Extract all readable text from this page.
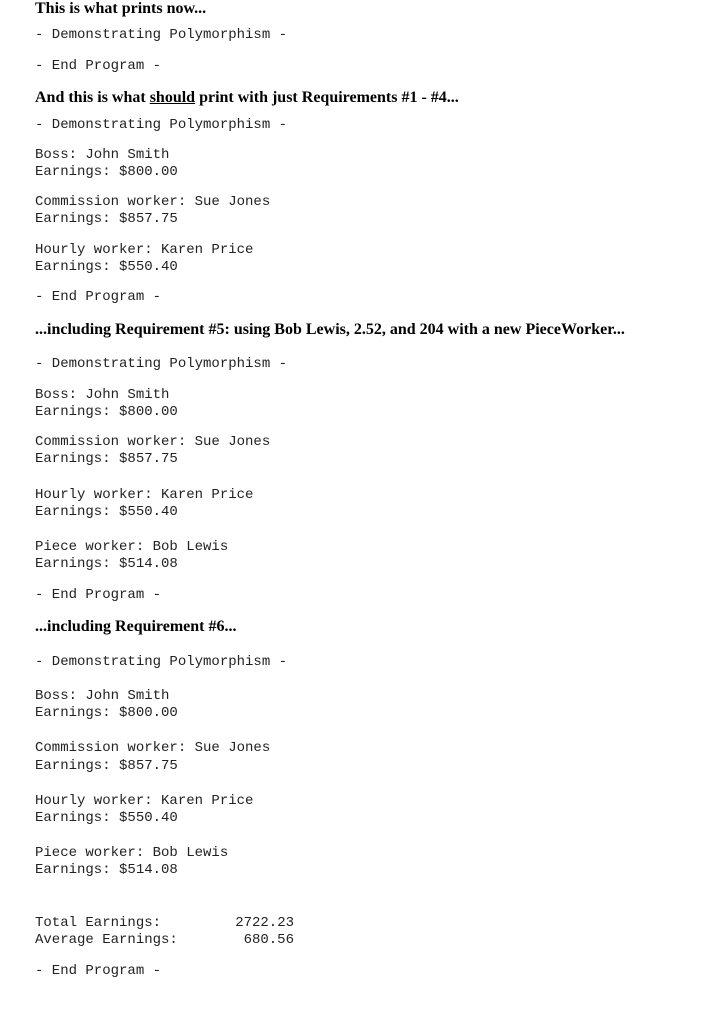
This is what prints now...
- Demonstrating Polymorphism -
- End Program -
And this is what should print with just Requirements #1 - #4...
- Demonstrating Polymorphism -
Boss: John Smith
Earnings: $800.00
Commission worker: Sue Jones
Earnings: $857.75
Hourly worker: Karen Price
Earnings: $550.40
- End Program -
...including Requirement #5: using Bob Lewis, 2.52, and 204 with a new PieceWorker...
- Demonstrating Polymorphism -
Boss: John Smith
Earnings: $800.00
Commission worker: Sue Jones
Earnings: $857.75
Hourly worker: Karen Price
Earnings: $550.40
Piece worker: Bob Lewis
Earnings: $514.08
- End Program -
...including Requirement #6...
- Demonstrating Polymorphism -
Boss: John Smith
Earnings: $800.00
Commission worker: Sue Jones
Earnings: $857.75
Hourly worker: Karen Price
Earnings: $550.40
Piece worker: Bob Lewis
Earnings: $514.08
Total Earnings:	2722.23
Average Earnings:	680.56
- End Program -
